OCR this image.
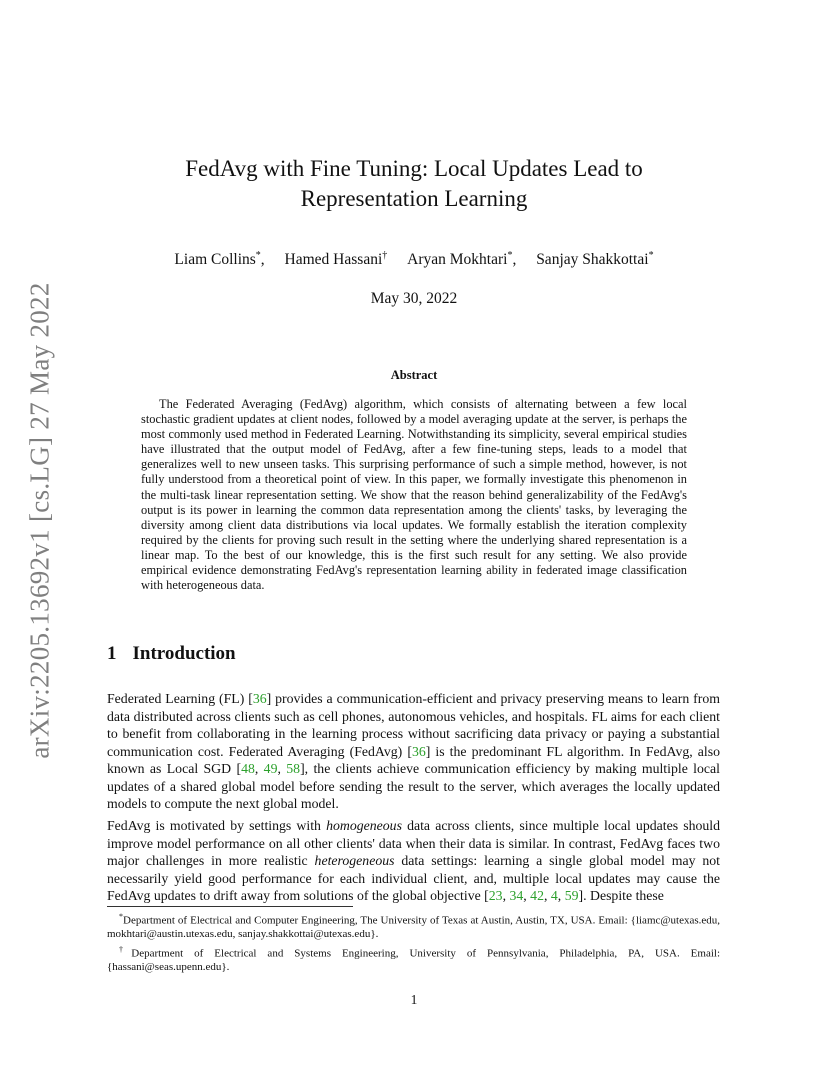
arXiv:2205.13692v1 [cs.LG] 27 May 2022
FedAvg with Fine Tuning: Local Updates Lead to
Representation Learning
Liam Collins*, Hamed Hassani† Aryan Mokhtari*, Sanjay Shakkottai*
May 30, 2022
Abstract

The Federated Averaging (FedAvg) algorithm, which consists of alternating between a few local stochastic gradient updates at client nodes, followed by a model averaging update at the server, is perhaps the most commonly used method in Federated Learning. Notwithstanding its simplicity, several empirical studies have illustrated that the output model of FedAvg, after a few fine-tuning steps, leads to a model that generalizes well to new unseen tasks. This surprising performance of such a simple method, however, is not fully understood from a theoretical point of view. In this paper, we formally investigate this phenomenon in the multi-task linear representation setting. We show that the reason behind generalizability of the FedAvg's output is its power in learning the common data representation among the clients' tasks, by leveraging the diversity among client data distributions via local updates. We formally establish the iteration complexity required by the clients for proving such result in the setting where the underlying shared representation is a linear map. To the best of our knowledge, this is the first such result for any setting. We also provide empirical evidence demonstrating FedAvg's representation learning ability in federated image classification with heterogeneous data.

1 Introduction

Federated Learning (FL) [36] provides a communication-efficient and privacy preserving means to learn from data distributed across clients such as cell phones, autonomous vehicles, and hospitals. FL aims for each client to benefit from collaborating in the learning process without sacrificing data privacy or paying a substantial communication cost. Federated Averaging (FedAvg) [36] is the predominant FL algorithm. In FedAvg, also known as Local SGD [48, 49, 58], the clients achieve communication efficiency by making multiple local updates of a shared global model before sending the result to the server, which averages the locally updated models to compute the next global model.

FedAvg is motivated by settings with homogeneous data across clients, since multiple local updates should improve model performance on all other clients' data when their data is similar. In contrast, FedAvg faces two major challenges in more realistic heterogeneous data settings: learning a single global model may not necessarily yield good performance for each individual client, and, multiple local updates may cause the FedAvg updates to drift away from solutions of the global objective [23, 34, 42, 4, 59]. Despite these

*Department of Electrical and Computer Engineering, The University of Texas at Austin, Austin, TX, USA. Email: {liamc@utexas.edu, mokhtari@austin.utexas.edu, sanjay.shakkottai@utexas.edu}.

†Department of Electrical and Systems Engineering, University of Pennsylvania, Philadelphia, PA, USA. Email: {hassani@seas.upenn.edu}.

1
